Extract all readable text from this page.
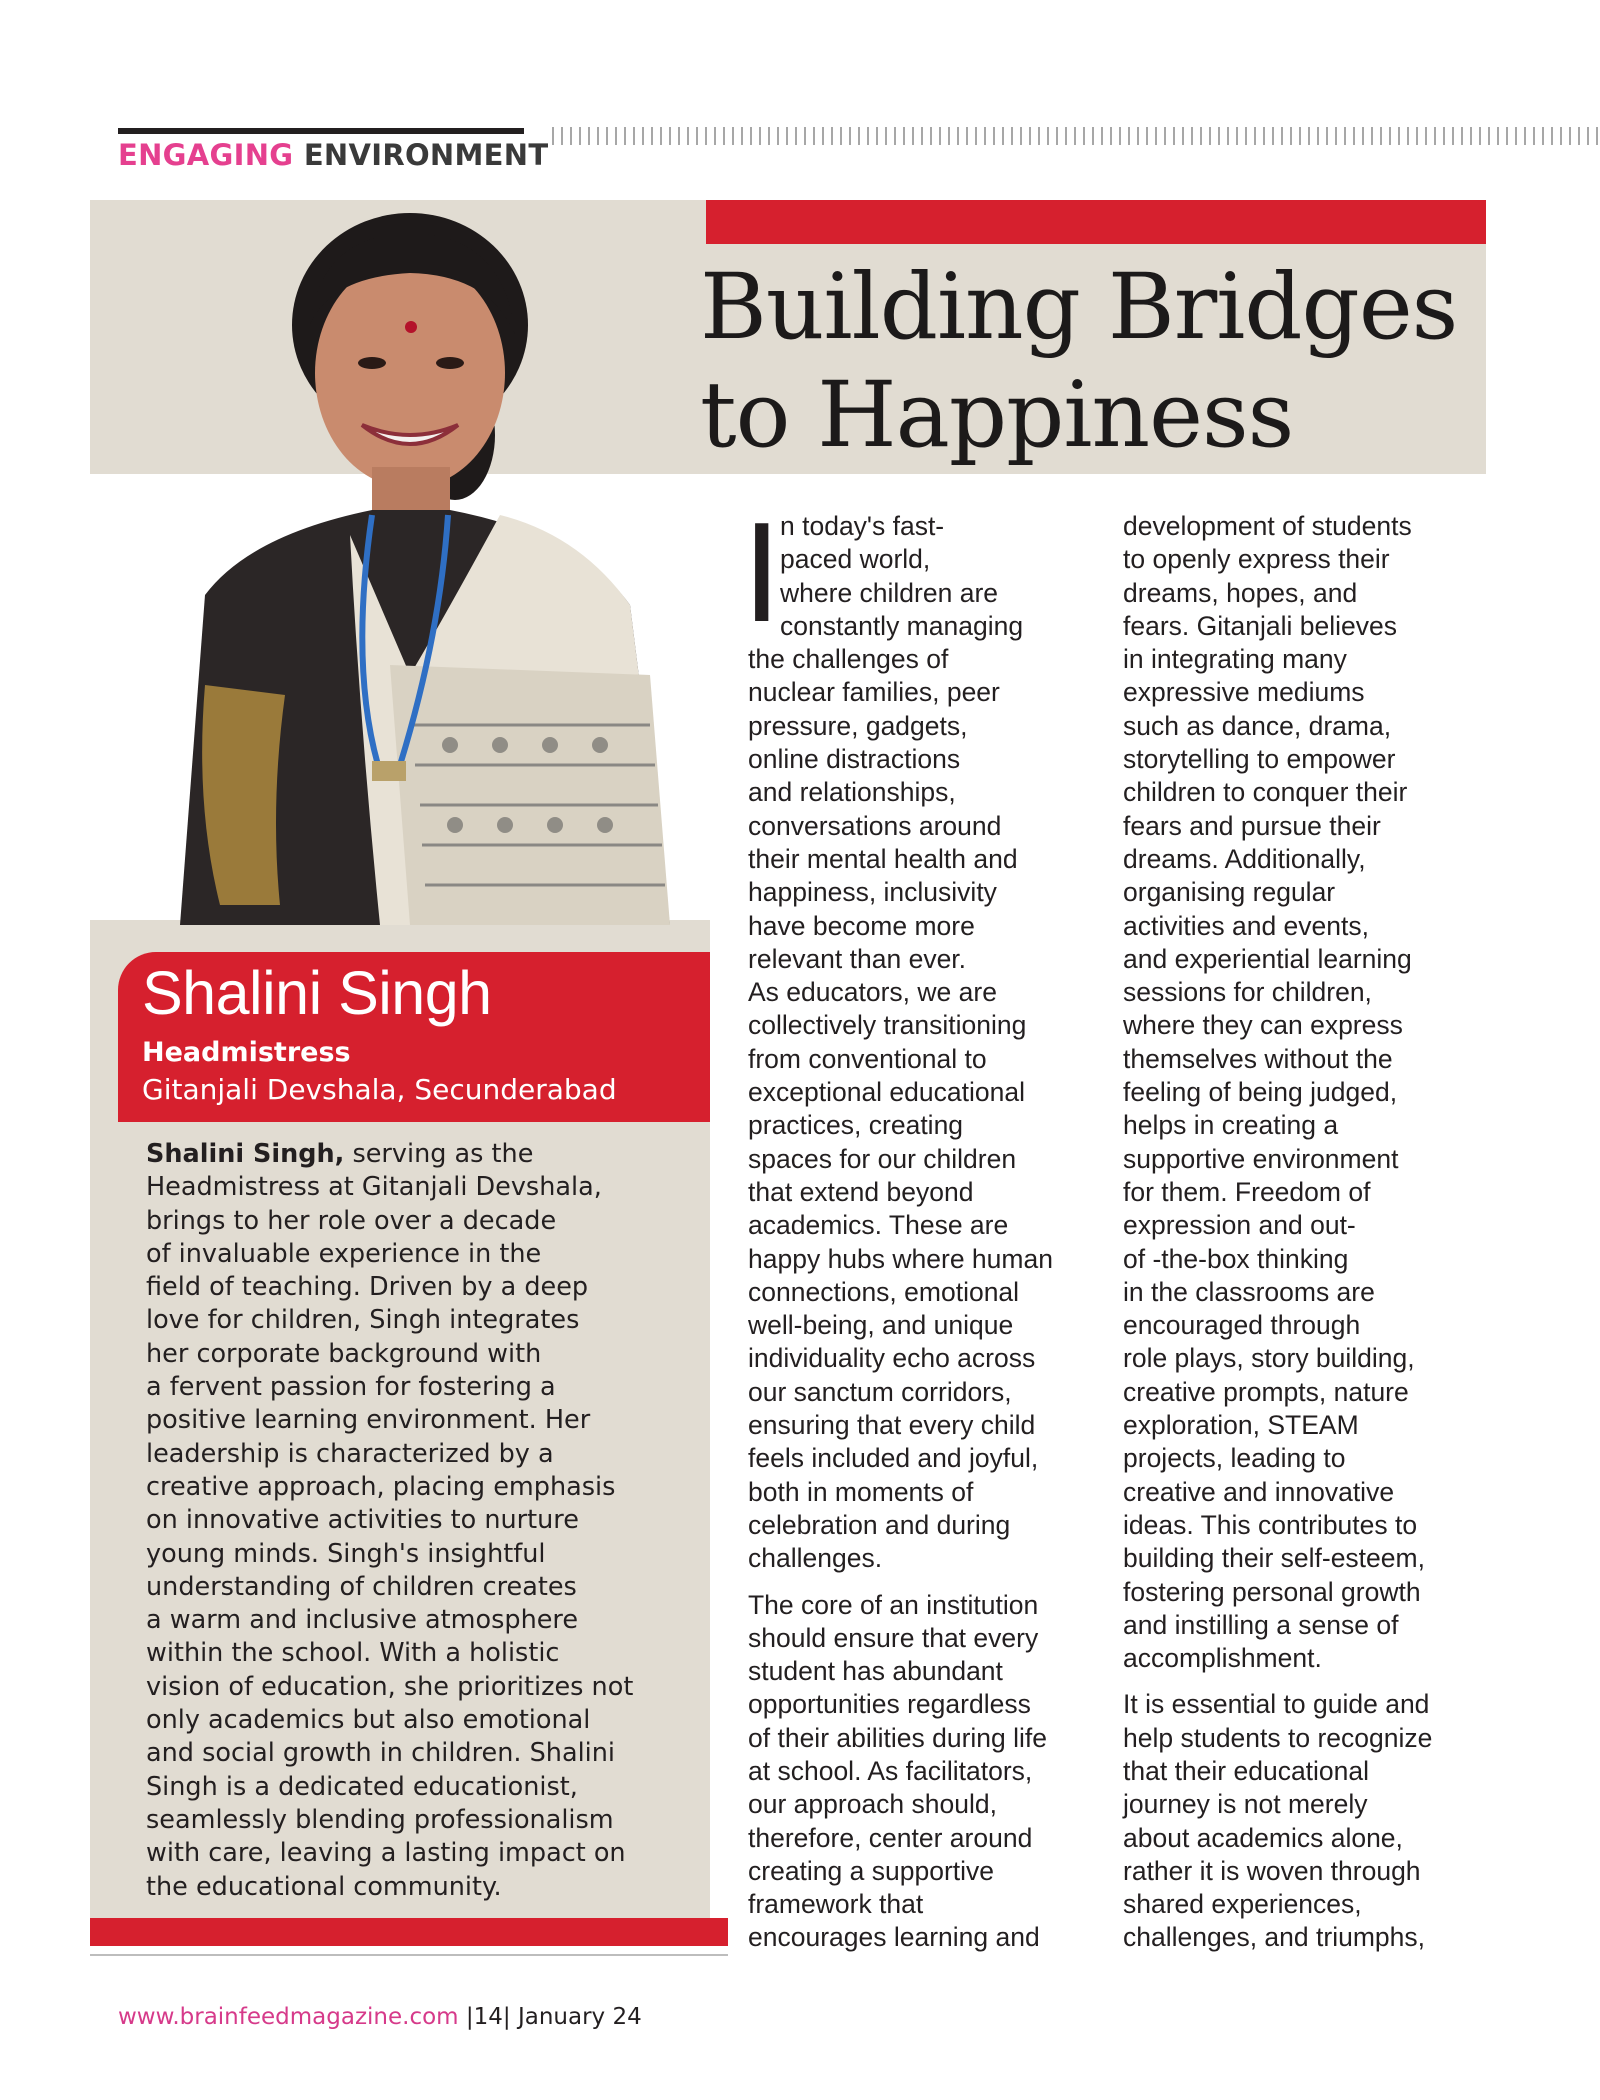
ENGAGING ENVIRONMENT
Building Bridges
to Happiness
Shalini Singh
Headmistress
Gitanjali Devshala, Secunderabad
Shalini Singh, serving as the
Headmistress at Gitanjali Devshala,
brings to her role over a decade
of invaluable experience in the
field of teaching. Driven by a deep
love for children, Singh integrates
her corporate background with
a fervent passion for fostering a
positive learning environment. Her
leadership is characterized by a
creative approach, placing emphasis
on innovative activities to nurture
young minds. Singh's insightful
understanding of children creates
a warm and inclusive atmosphere
within the school. With a holistic
vision of education, she prioritizes not
only academics but also emotional
and social growth in children. Shalini
Singh is a dedicated educationist,
seamlessly blending professionalism
with care, leaving a lasting impact on
the educational community.
I
n today's fast-
paced world,
where children are
constantly managing
the challenges of
nuclear families, peer
pressure, gadgets,
online distractions
and relationships,
conversations around
their mental health and
happiness, inclusivity
have become more
relevant than ever.
As educators, we are
collectively transitioning
from conventional to
exceptional educational
practices, creating
spaces for our children
that extend beyond
academics. These are
happy hubs where human
connections, emotional
well-being, and unique
individuality echo across
our sanctum corridors,
ensuring that every child
feels included and joyful,
both in moments of
celebration and during
challenges.
The core of an institution
should ensure that every
student has abundant
opportunities regardless
of their abilities during life
at school. As facilitators,
our approach should,
therefore, center around
creating a supportive
framework that
encourages learning and
development of students
to openly express their
dreams, hopes, and
fears. Gitanjali believes
in integrating many
expressive mediums
such as dance, drama,
storytelling to empower
children to conquer their
fears and pursue their
dreams. Additionally,
organising regular
activities and events,
and experiential learning
sessions for children,
where they can express
themselves without the
feeling of being judged,
helps in creating a
supportive environment
for them. Freedom of
expression and out-
of -the-box thinking
in the classrooms are
encouraged through
role plays, story building,
creative prompts, nature
exploration, STEAM
projects, leading to
creative and innovative
ideas. This contributes to
building their self-esteem,
fostering personal growth
and instilling a sense of
accomplishment.
It is essential to guide and
help students to recognize
that their educational
journey is not merely
about academics alone,
rather it is woven through
shared experiences,
challenges, and triumphs,
www.brainfeedmagazine.com |14| January 24
